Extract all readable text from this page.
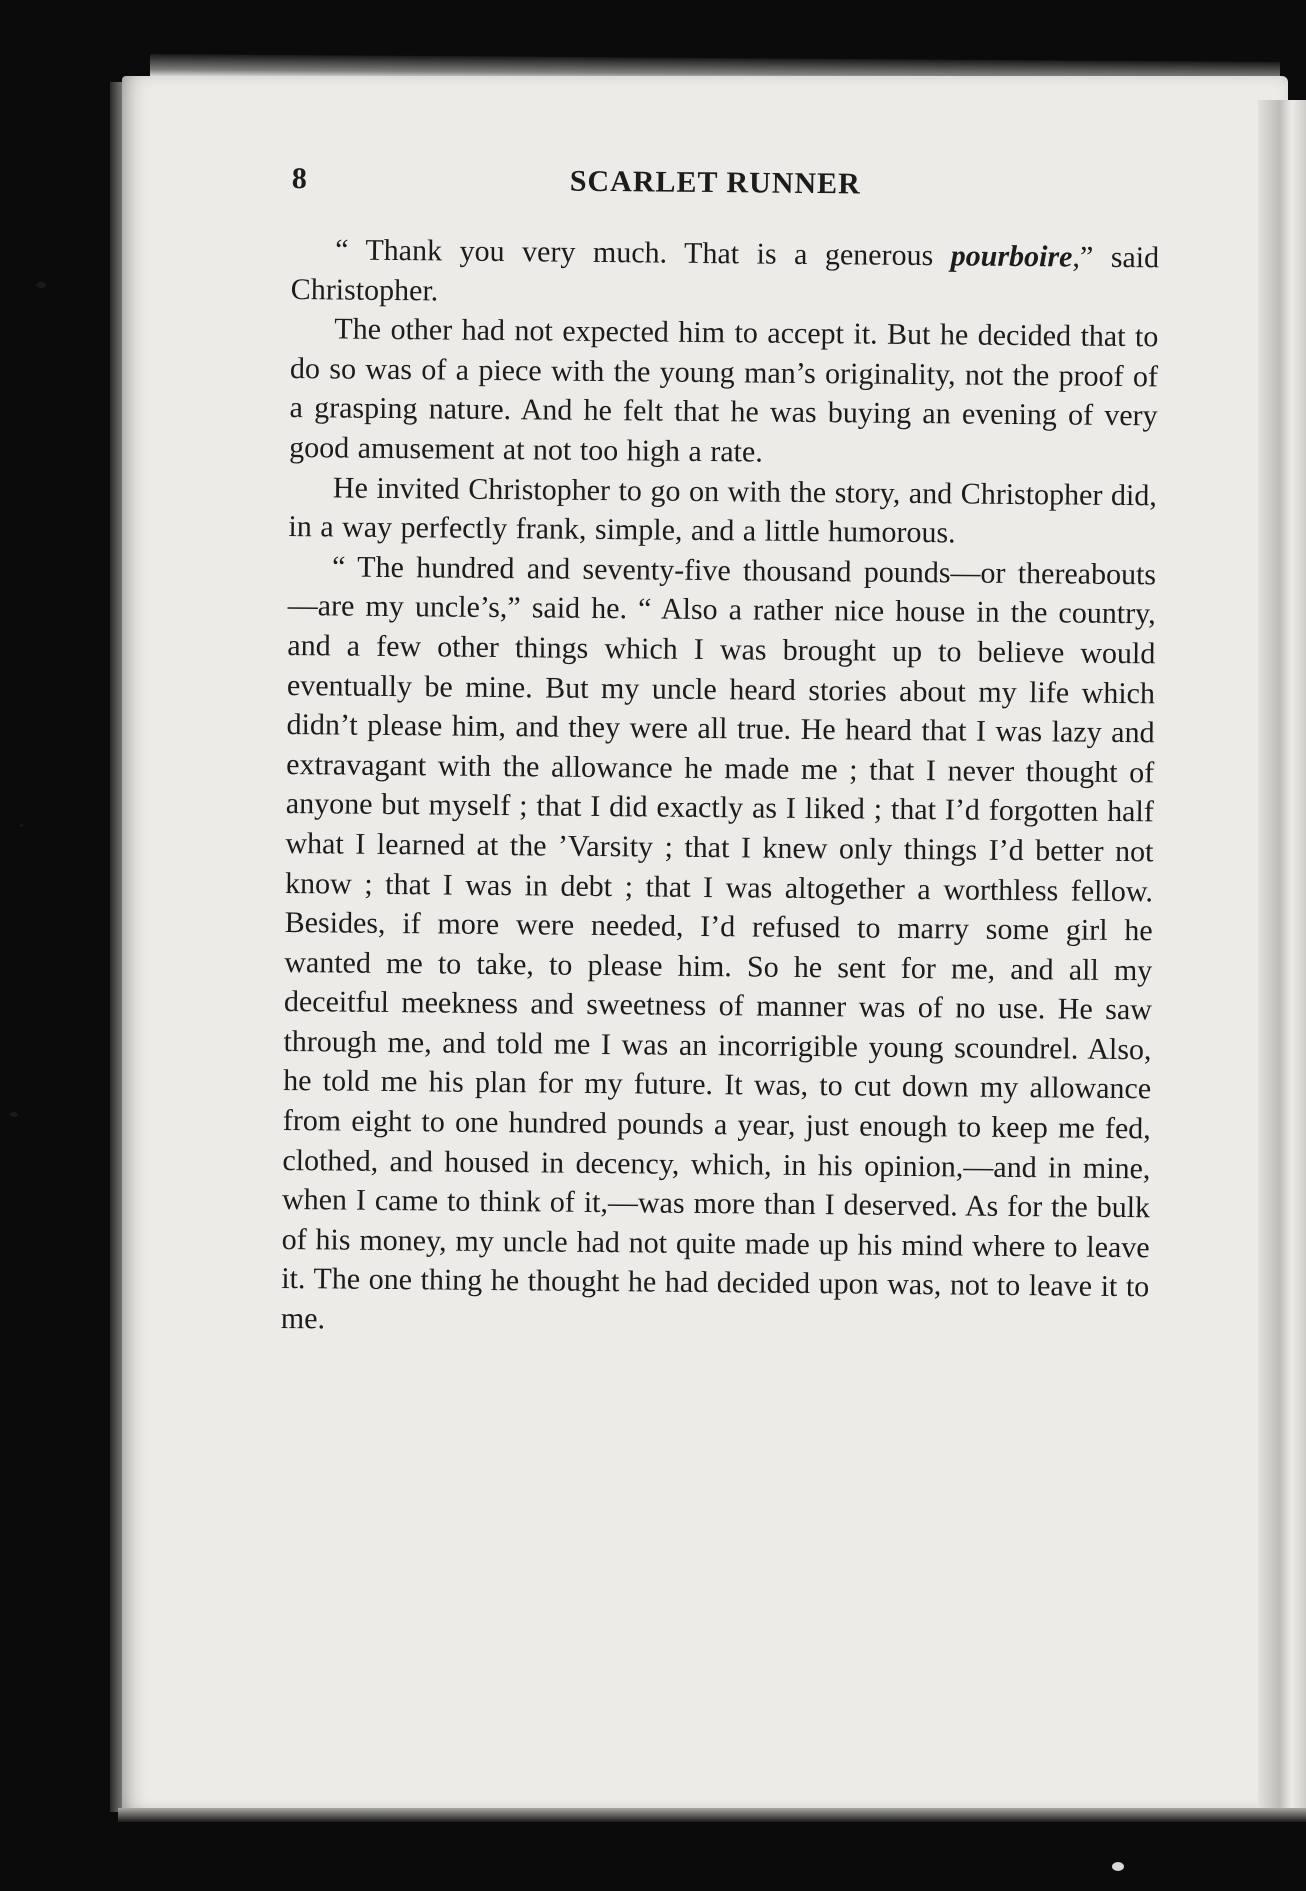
8	SCARLET RUNNER

“ Thank you very much. That is a generous pourboire,” said Christopher.

The other had not expected him to accept it. But he decided that to do so was of a piece with the young man’s originality, not the proof of a grasping nature. And he felt that he was buying an evening of very good amusement at not too high a rate.

He invited Christopher to go on with the story, and Christopher did, in a way perfectly frank, simple, and a little humorous.

“ The hundred and seventy-five thousand pounds—or thereabouts—are my uncle’s,” said he. “ Also a rather nice house in the country, and a few other things which I was brought up to believe would eventually be mine. But my uncle heard stories about my life which didn’t please him, and they were all true. He heard that I was lazy and extravagant with the allowance he made me ; that I never thought of anyone but myself ; that I did exactly as I liked ; that I’d forgotten half what I learned at the ’Varsity ; that I knew only things I’d better not know ; that I was in debt ; that I was altogether a worthless fellow. Besides, if more were needed, I’d refused to marry some girl he wanted me to take, to please him. So he sent for me, and all my deceitful meekness and sweetness of manner was of no use. He saw through me, and told me I was an incorrigible young scoundrel. Also, he told me his plan for my future. It was, to cut down my allowance from eight to one hundred pounds a year, just enough to keep me fed, clothed, and housed in decency, which, in his opinion,—and in mine, when I came to think of it,—was more than I deserved. As for the bulk of his money, my uncle had not quite made up his mind where to leave it. The one thing he thought he had decided upon was, not to leave it to me.
